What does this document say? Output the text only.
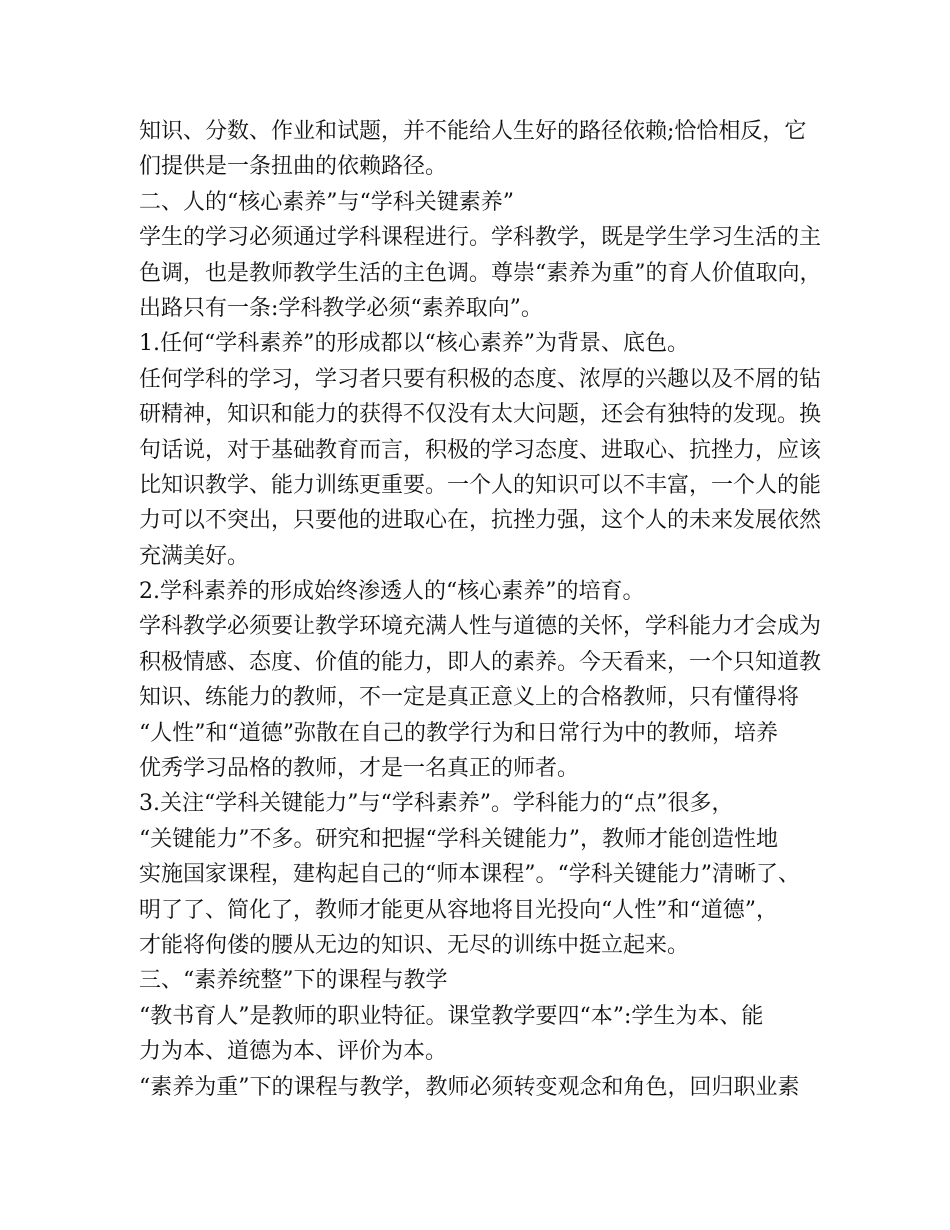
知识、分数、作业和试题，并不能给人生好的路径依赖;恰恰相反，它
们提供是一条扭曲的依赖路径。
二、人的“核心素养”与“学科关键素养”
学生的学习必须通过学科课程进行。学科教学，既是学生学习生活的主
色调，也是教师教学生活的主色调。尊崇“素养为重”的育人价值取向，
出路只有一条:学科教学必须“素养取向”。
1.任何“学科素养”的形成都以“核心素养”为背景、底色。
任何学科的学习，学习者只要有积极的态度、浓厚的兴趣以及不屑的钻
研精神，知识和能力的获得不仅没有太大问题，还会有独特的发现。换
句话说，对于基础教育而言，积极的学习态度、进取心、抗挫力，应该
比知识教学、能力训练更重要。一个人的知识可以不丰富，一个人的能
力可以不突出，只要他的进取心在，抗挫力强，这个人的未来发展依然
充满美好。
2.学科素养的形成始终渗透人的“核心素养”的培育。
学科教学必须要让教学环境充满人性与道德的关怀，学科能力才会成为
积极情感、态度、价值的能力，即人的素养。今天看来，一个只知道教
知识、练能力的教师，不一定是真正意义上的合格教师，只有懂得将
“人性”和“道德”弥散在自己的教学行为和日常行为中的教师，培养
优秀学习品格的教师，才是一名真正的师者。
3.关注“学科关键能力”与“学科素养”。学科能力的“点”很多，
“关键能力”不多。研究和把握“学科关键能力”，教师才能创造性地
实施国家课程，建构起自己的“师本课程”。“学科关键能力”清晰了、
明了了、简化了，教师才能更从容地将目光投向“人性”和“道德”，
才能将佝偻的腰从无边的知识、无尽的训练中挺立起来。
三、“素养统整”下的课程与教学
“教书育人”是教师的职业特征。课堂教学要四“本”:学生为本、能
力为本、道德为本、评价为本。
“素养为重”下的课程与教学，教师必须转变观念和角色，回归职业素
